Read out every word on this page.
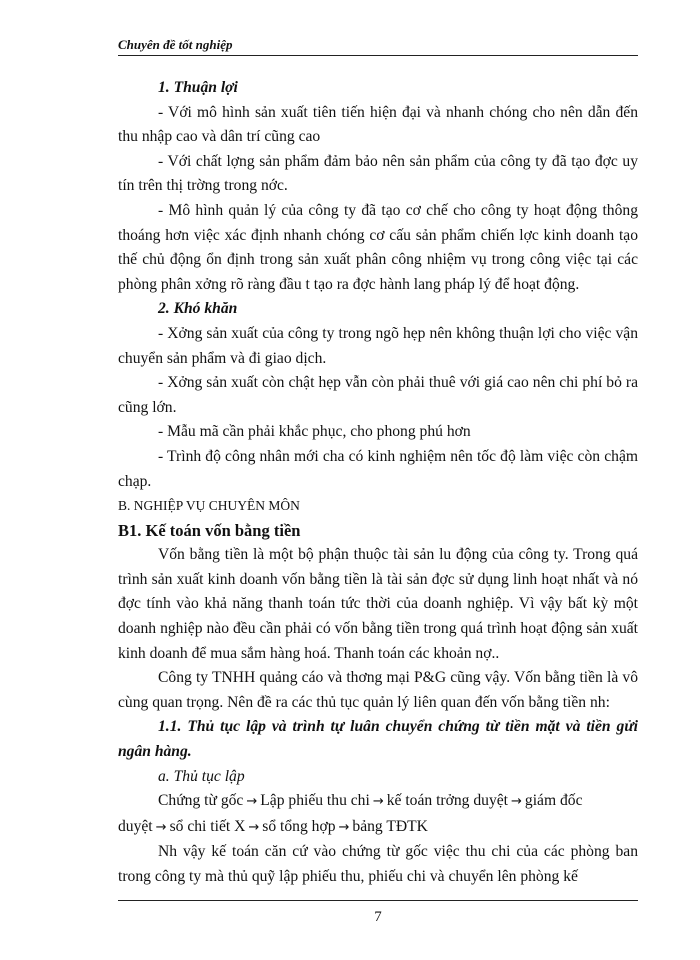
Chuyên đề tốt nghiệp

1. Thuận lợi

- Với mô hình sản xuất tiên tiến hiện đại và nhanh chóng cho nên dẫn đến thu nhập cao và dân trí cũng cao

- Với chất lợng sản phẩm đảm bảo nên sản phẩm của công ty đã tạo đợc uy tín trên thị trờng trong nớc.

- Mô hình quản lý của công ty đã tạo cơ chế cho công ty hoạt động thông thoáng hơn việc xác định nhanh chóng cơ cấu sản phẩm chiến lợc kinh doanh tạo thế chủ động ổn định trong sản xuất phân công nhiệm vụ trong công việc tại các phòng phân xởng rõ ràng đầu t tạo ra đợc hành lang pháp lý để hoạt động.

2. Khó khăn

- Xởng sản xuất của công ty trong ngõ hẹp nên không thuận lợi cho việc vận chuyển sản phẩm và đi giao dịch.

- Xởng sản xuất còn chật hẹp vẫn còn phải thuê với giá cao nên chi phí bỏ ra cũng lớn.

- Mẫu mã cần phải khắc phục, cho phong phú hơn

- Trình độ công nhân mới cha có kinh nghiệm nên tốc độ làm việc còn chậm chạp.

B. NGHIỆP VỤ CHUYÊN MÔN

B1. Kế toán vốn bằng tiền

Vốn bằng tiền là một bộ phận thuộc tài sản lu động của công ty. Trong quá trình sản xuất kinh doanh vốn bằng tiền là tài sản đợc sử dụng linh hoạt nhất và nó đợc tính vào khả năng thanh toán tức thời của doanh nghiệp. Vì vậy bất kỳ một doanh nghiệp nào đều cần phải có vốn bằng tiền trong quá trình hoạt động sản xuất kinh doanh để mua sắm hàng hoá. Thanh toán các khoản nợ..

Công ty TNHH quảng cáo và thơng mại P&G cũng vậy. Vốn bằng tiền là vô cùng quan trọng. Nên đề ra các thủ tục quản lý liên quan đến vốn bằng tiền nh:

1.1. Thủ tục lập và trình tự luân chuyển chứng từ tiền mặt và tiền gửi ngân hàng.

a. Thủ tục lập

Chứng từ gốc → Lập phiếu thu chi → kế toán trởng duyệt → giám đốc

duyệt → sổ chi tiết X → sổ tổng hợp → bảng TĐTK

Nh vậy kế toán căn cứ vào chứng từ gốc việc thu chi của các phòng ban trong công ty mà thủ quỹ lập phiếu thu, phiếu chi và chuyển lên phòng kế

7
